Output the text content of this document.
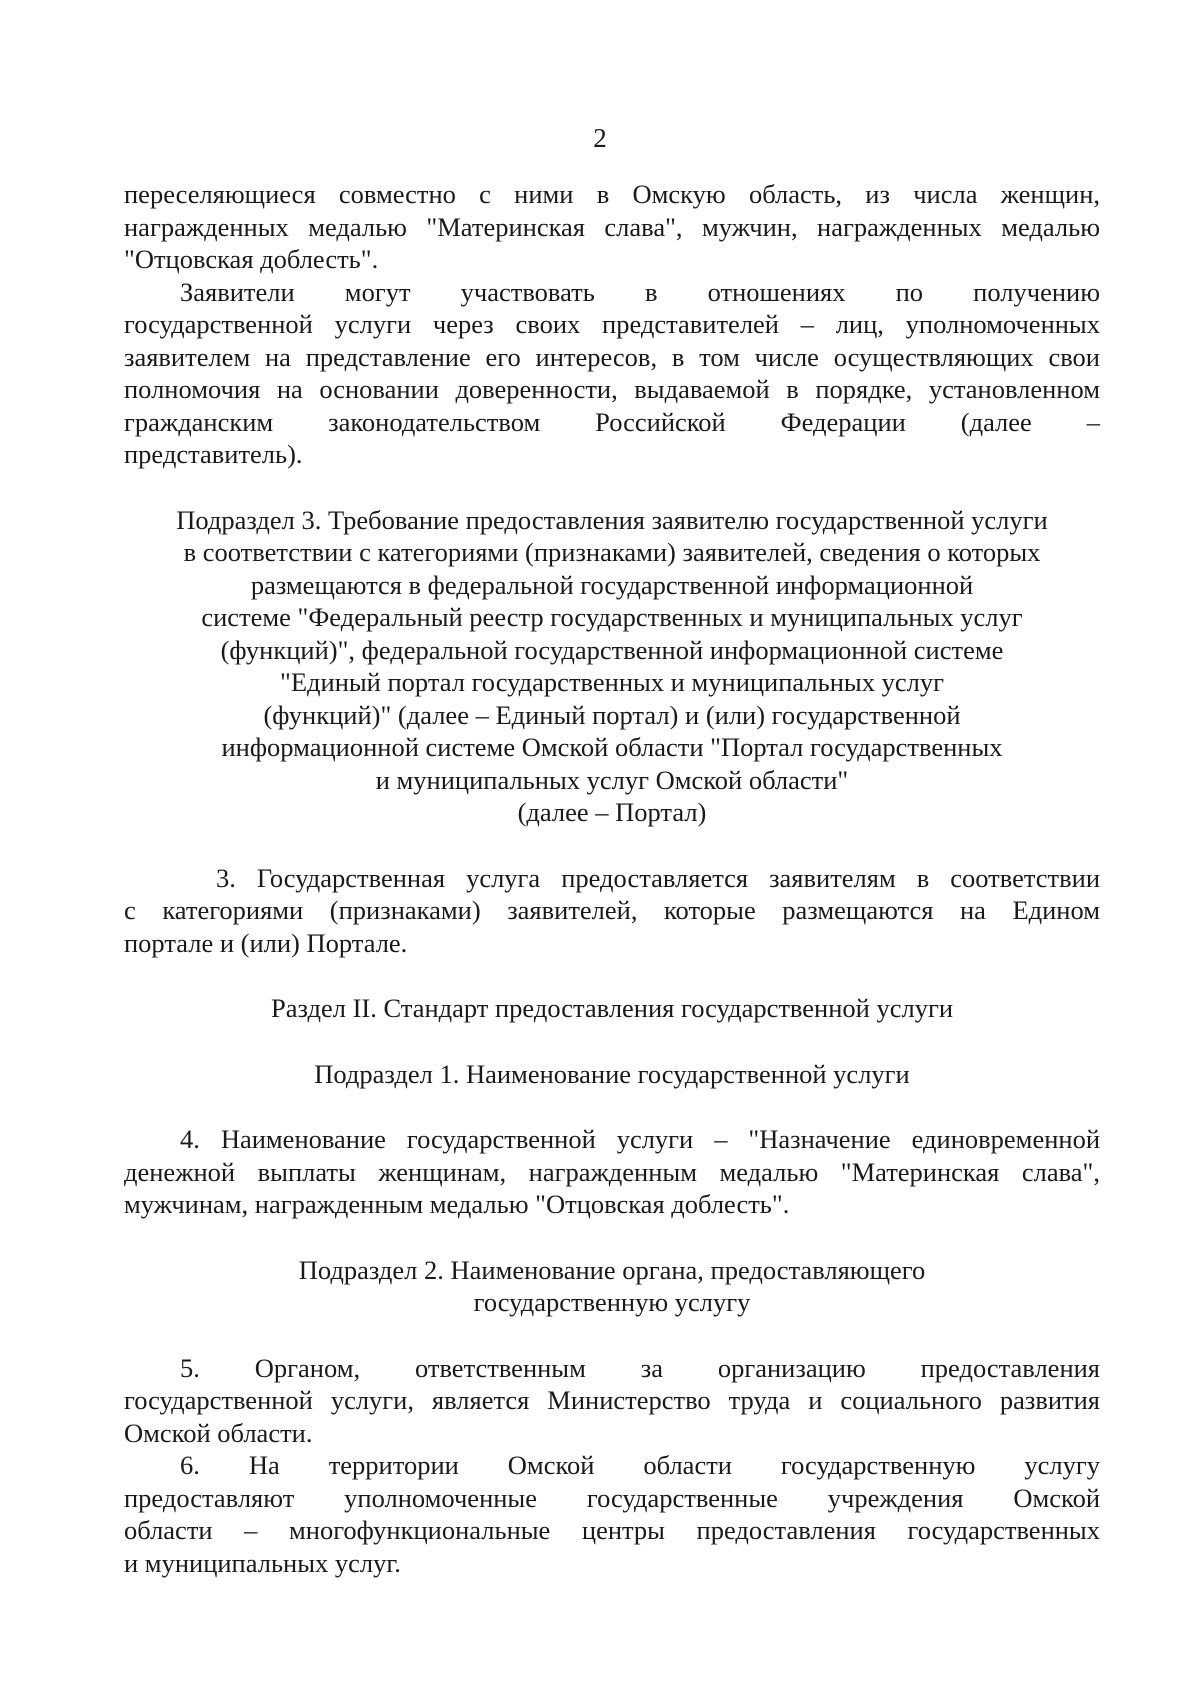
2
переселяющиеся совместно с ними в Омскую область, из числа женщин,
награжденных медалью "Материнская слава", мужчин, награжденных медалью
"Отцовская доблесть".
Заявители могут участвовать в отношениях по получению
государственной услуги через своих представителей – лиц, уполномоченных
заявителем на представление его интересов, в том числе осуществляющих свои
полномочия на основании доверенности, выдаваемой в порядке, установленном
гражданским законодательством Российской Федерации (далее –
представитель).
Подраздел 3. Требование предоставления заявителю государственной услуги
в соответствии с категориями (признаками) заявителей, сведения о которых
размещаются в федеральной государственной информационной
системе "Федеральный реестр государственных и муниципальных услуг
(функций)", федеральной государственной информационной системе
"Единый портал государственных и муниципальных услуг
(функций)" (далее – Единый портал) и (или) государственной
информационной системе Омской области "Портал государственных
и муниципальных услуг Омской области"
(далее – Портал)
3. Государственная услуга предоставляется заявителям в соответствии
с категориями (признаками) заявителей, которые размещаются на Едином
портале и (или) Портале.
Раздел II. Стандарт предоставления государственной услуги
Подраздел 1. Наименование государственной услуги
4. Наименование государственной услуги – "Назначение единовременной
денежной выплаты женщинам, награжденным медалью "Материнская слава",
мужчинам, награжденным медалью "Отцовская доблесть".
Подраздел 2. Наименование органа, предоставляющего
государственную услугу
5. Органом, ответственным за организацию предоставления
государственной услуги, является Министерство труда и социального развития
Омской области.
6. На территории Омской области государственную услугу
предоставляют уполномоченные государственные учреждения Омской
области – многофункциональные центры предоставления государственных
и муниципальных услуг.
